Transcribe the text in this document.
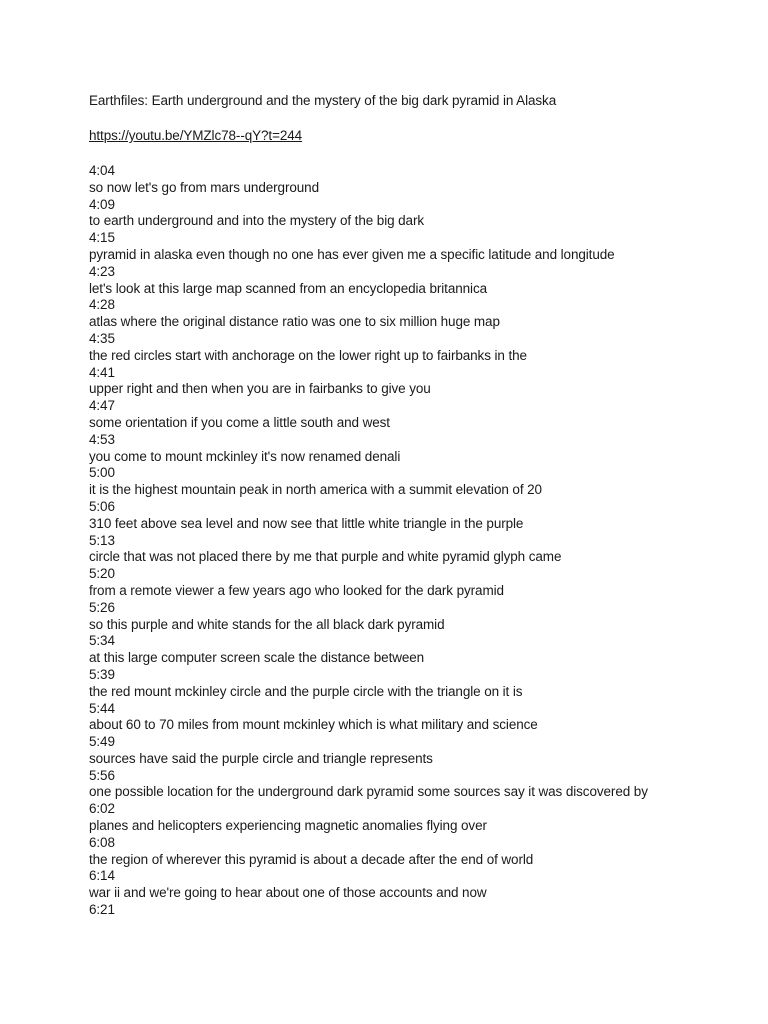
Earthfiles: Earth underground and the mystery of the big dark pyramid in Alaska
https://youtu.be/YMZlc78--qY?t=244
4:04
so now let's go from mars underground
4:09
to earth underground and into the mystery of the big dark
4:15
pyramid in alaska even though no one has ever given me a specific latitude and longitude
4:23
let's look at this large map scanned from an encyclopedia britannica
4:28
atlas where the original distance ratio was one to six million huge map
4:35
the red circles start with anchorage on the lower right up to fairbanks in the
4:41
upper right and then when you are in fairbanks to give you
4:47
some orientation if you come a little south and west
4:53
you come to mount mckinley it's now renamed denali
5:00
it is the highest mountain peak in north america with a summit elevation of 20
5:06
310 feet above sea level and now see that little white triangle in the purple
5:13
circle that was not placed there by me that purple and white pyramid glyph came
5:20
from a remote viewer a few years ago who looked for the dark pyramid
5:26
so this purple and white stands for the all black dark pyramid
5:34
at this large computer screen scale the distance between
5:39
the red mount mckinley circle and the purple circle with the triangle on it is
5:44
about 60 to 70 miles from mount mckinley which is what military and science
5:49
sources have said the purple circle and triangle represents
5:56
one possible location for the underground dark pyramid some sources say it was discovered by
6:02
planes and helicopters experiencing magnetic anomalies flying over
6:08
the region of wherever this pyramid is about a decade after the end of world
6:14
war ii and we're going to hear about one of those accounts and now
6:21
